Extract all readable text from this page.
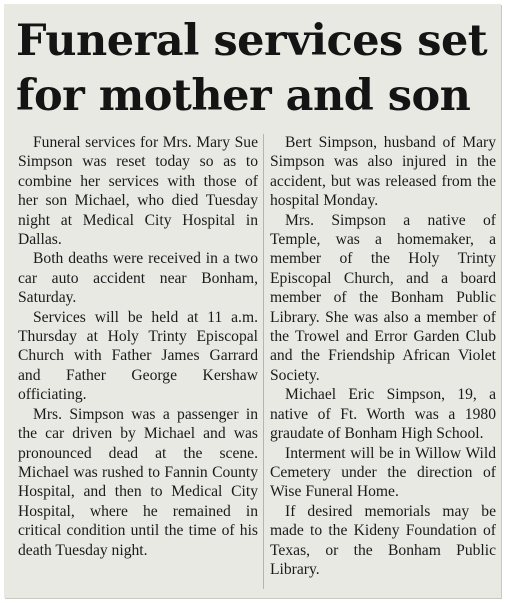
Funeral services set
for mother and son

Funeral services for Mrs. Mary Sue Simpson was reset today so as to combine her services with those of her son Michael, who died Tuesday night at Medical City Hospital in Dallas.

Both deaths were received in a two car auto accident near Bonham, Saturday.

Services will be held at 11 a.m. Thursday at Holy Trinty Episcopal Church with Father James Garrard and Father George Kershaw officiating.

Mrs. Simpson was a passenger in the car driven by Michael and was pronounced dead at the scene. Michael was rushed to Fannin County Hospital, and then to Medical City Hospital, where he remained in critical condition until the time of his death Tuesday night.

Bert Simpson, husband of Mary Simpson was also injured in the accident, but was released from the hospital Monday.

Mrs. Simpson a native of Temple, was a homemaker, a member of the Holy Trinty Episcopal Church, and a board member of the Bonham Public Library. She was also a member of the Trowel and Error Garden Club and the Friendship African Violet Society.

Michael Eric Simpson, 19, a native of Ft. Worth was a 1980 graudate of Bonham High School.

Interment will be in Willow Wild Cemetery under the direction of Wise Funeral Home.

If desired memorials may be made to the Kideny Foundation of Texas, or the Bonham Public Library.
